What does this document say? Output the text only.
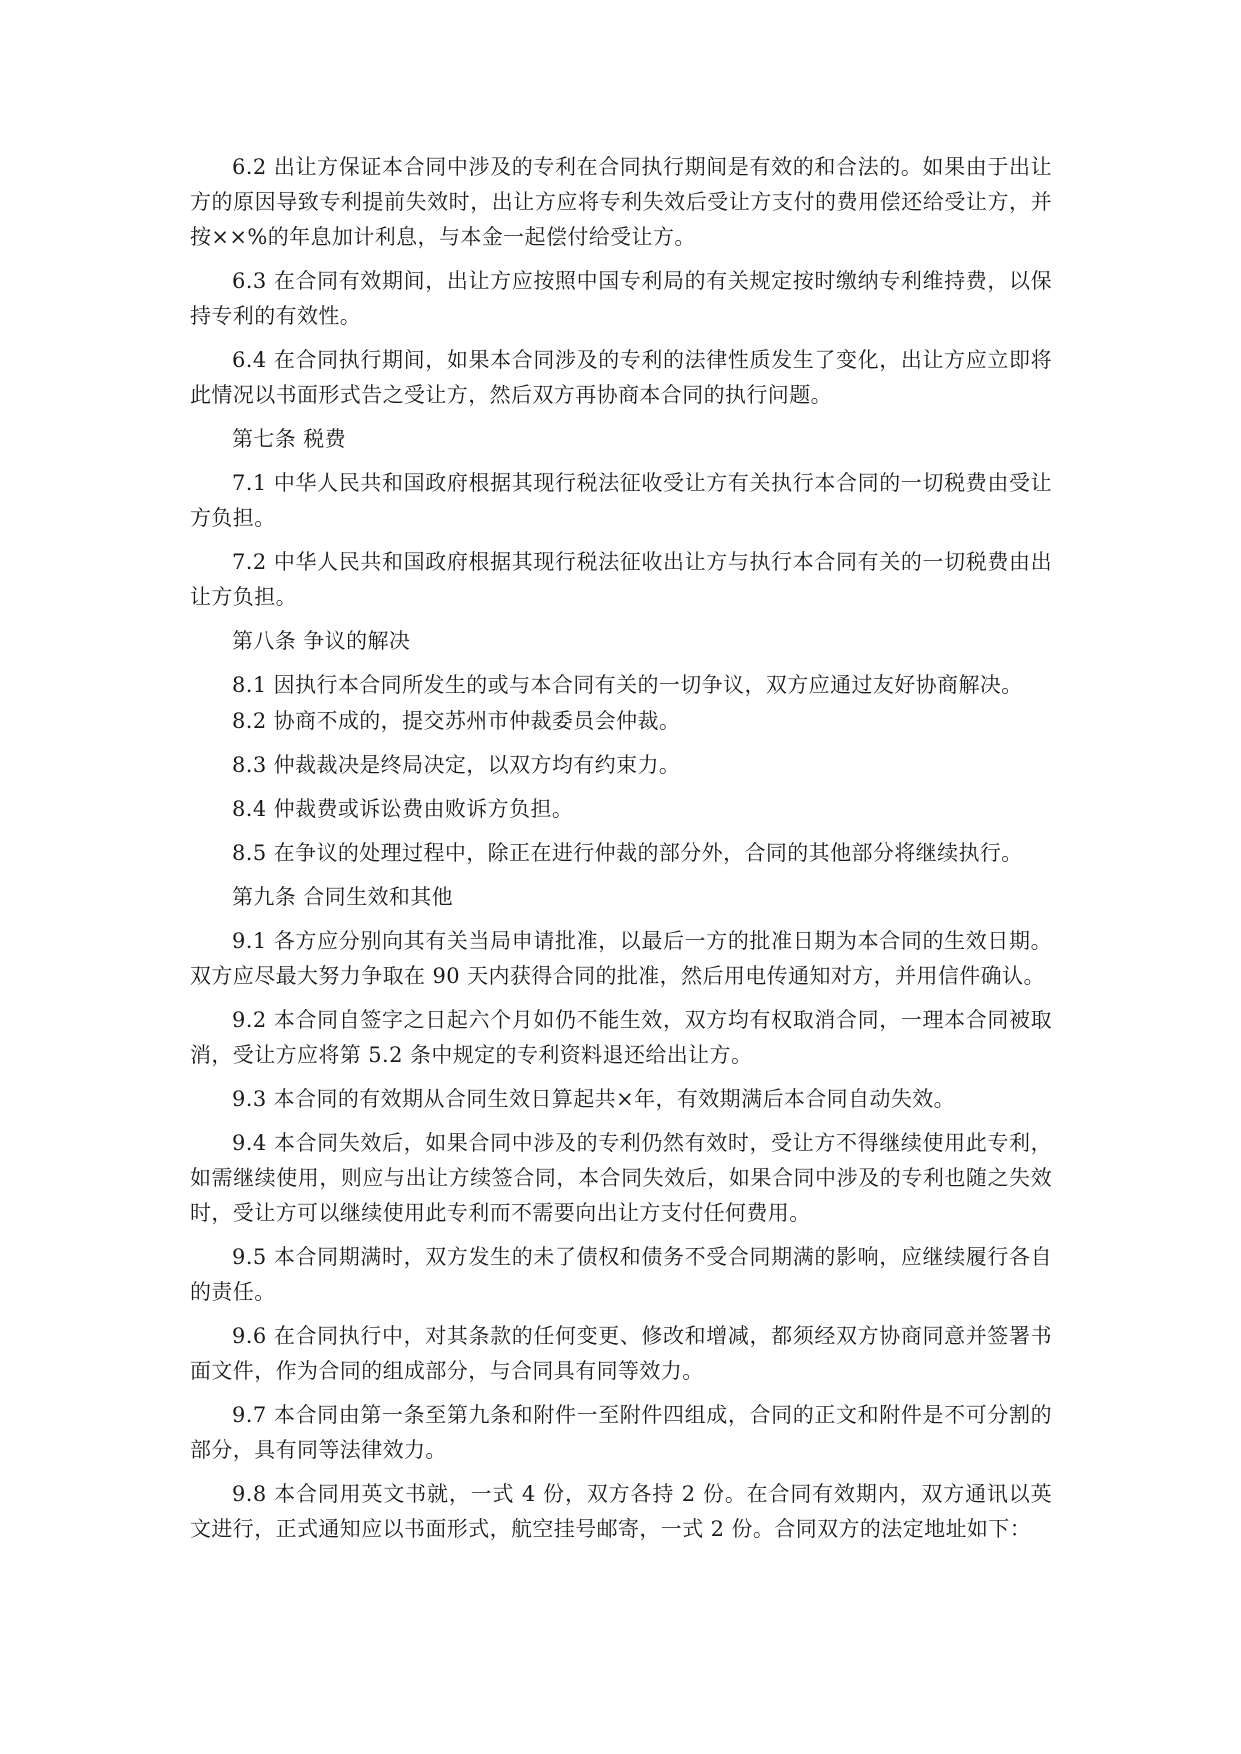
6.2 出让方保证本合同中涉及的专利在合同执行期间是有效的和合法的。如果由于出让方的原因导致专利提前失效时，出让方应将专利失效后受让方支付的费用偿还给受让方，并按××%的年息加计利息，与本金一起偿付给受让方。

6.3 在合同有效期间，出让方应按照中国专利局的有关规定按时缴纳专利维持费，以保持专利的有效性。

6.4 在合同执行期间，如果本合同涉及的专利的法律性质发生了变化，出让方应立即将此情况以书面形式告之受让方，然后双方再协商本合同的执行问题。

第七条 税费

7.1 中华人民共和国政府根据其现行税法征收受让方有关执行本合同的一切税费由受让方负担。

7.2 中华人民共和国政府根据其现行税法征收出让方与执行本合同有关的一切税费由出让方负担。

第八条 争议的解决

8.1 因执行本合同所发生的或与本合同有关的一切争议，双方应通过友好协商解决。

8.2 协商不成的，提交苏州市仲裁委员会仲裁。

8.3 仲裁裁决是终局决定，以双方均有约束力。

8.4 仲裁费或诉讼费由败诉方负担。

8.5 在争议的处理过程中，除正在进行仲裁的部分外，合同的其他部分将继续执行。

第九条 合同生效和其他

9.1 各方应分别向其有关当局申请批准，以最后一方的批准日期为本合同的生效日期。双方应尽最大努力争取在 90 天内获得合同的批准，然后用电传通知对方，并用信件确认。

9.2 本合同自签字之日起六个月如仍不能生效，双方均有权取消合同，一理本合同被取消，受让方应将第 5.2 条中规定的专利资料退还给出让方。

9.3 本合同的有效期从合同生效日算起共×年，有效期满后本合同自动失效。

9.4 本合同失效后，如果合同中涉及的专利仍然有效时，受让方不得继续使用此专利，如需继续使用，则应与出让方续签合同，本合同失效后，如果合同中涉及的专利也随之失效时，受让方可以继续使用此专利而不需要向出让方支付任何费用。

9.5 本合同期满时，双方发生的未了债权和债务不受合同期满的影响，应继续履行各自的责任。

9.6 在合同执行中，对其条款的任何变更、修改和增减，都须经双方协商同意并签署书面文件，作为合同的组成部分，与合同具有同等效力。

9.7 本合同由第一条至第九条和附件一至附件四组成，合同的正文和附件是不可分割的部分，具有同等法律效力。

9.8 本合同用英文书就，一式 4 份，双方各持 2 份。在合同有效期内，双方通讯以英文进行，正式通知应以书面形式，航空挂号邮寄，一式 2 份。合同双方的法定地址如下：
